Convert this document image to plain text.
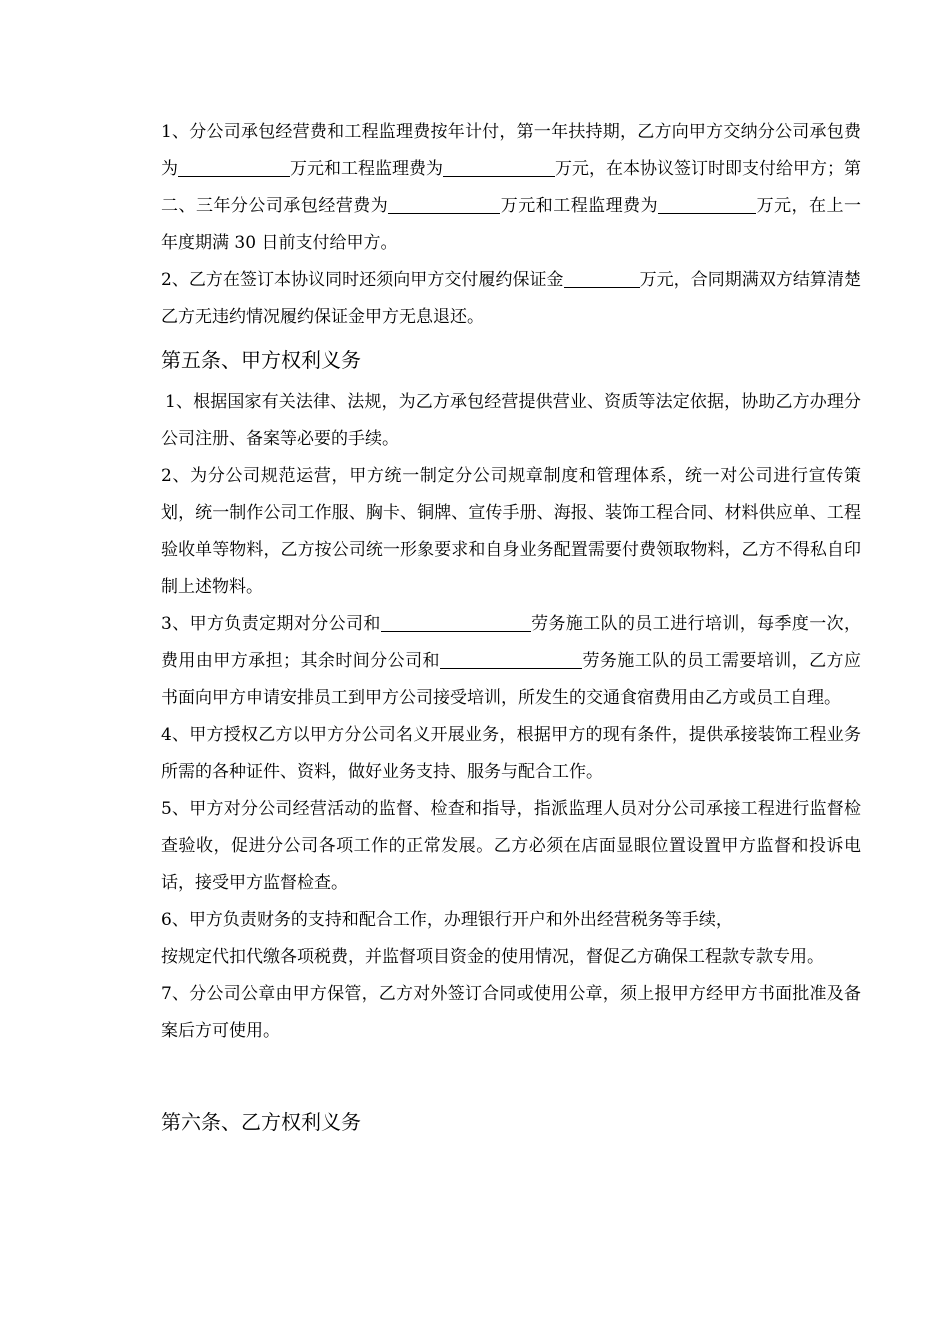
1、分公司承包经营费和工程监理费按年计付，第一年扶持期，乙方向甲方交纳分公司承包费为	万元和工程监理费为	万元，在本协议签订时即支付给甲方；第二、三年分公司承包经营费为	万元和工程监理费为	万元，在上一年度期满 30 日前支付给甲方。

2、乙方在签订本协议同时还须向甲方交付履约保证金	万元，合同期满双方结算清楚乙方无违约情况履约保证金甲方无息退还。

第五条、甲方权利义务

1、根据国家有关法律、法规，为乙方承包经营提供营业、资质等法定依据，协助乙方办理分公司注册、备案等必要的手续。

2、为分公司规范运营，甲方统一制定分公司规章制度和管理体系，统一对公司进行宣传策划，统一制作公司工作服、胸卡、铜牌、宣传手册、海报、装饰工程合同、材料供应单、工程验收单等物料，乙方按公司统一形象要求和自身业务配置需要付费领取物料，乙方不得私自印制上述物料。

3、甲方负责定期对分公司和	劳务施工队的员工进行培训，每季度一次，费用由甲方承担；其余时间分公司和	劳务施工队的员工需要培训，乙方应书面向甲方申请安排员工到甲方公司接受培训，所发生的交通食宿费用由乙方或员工自理。

4、甲方授权乙方以甲方分公司名义开展业务，根据甲方的现有条件，提供承接装饰工程业务所需的各种证件、资料，做好业务支持、服务与配合工作。

5、甲方对分公司经营活动的监督、检查和指导，指派监理人员对分公司承接工程进行监督检查验收，促进分公司各项工作的正常发展。乙方必须在店面显眼位置设置甲方监督和投诉电话，接受甲方监督检查。

6、甲方负责财务的支持和配合工作，办理银行开户和外出经营税务等手续，

按规定代扣代缴各项税费，并监督项目资金的使用情况，督促乙方确保工程款专款专用。

7、分公司公章由甲方保管，乙方对外签订合同或使用公章，须上报甲方经甲方书面批准及备案后方可使用。

第六条、乙方权利义务
